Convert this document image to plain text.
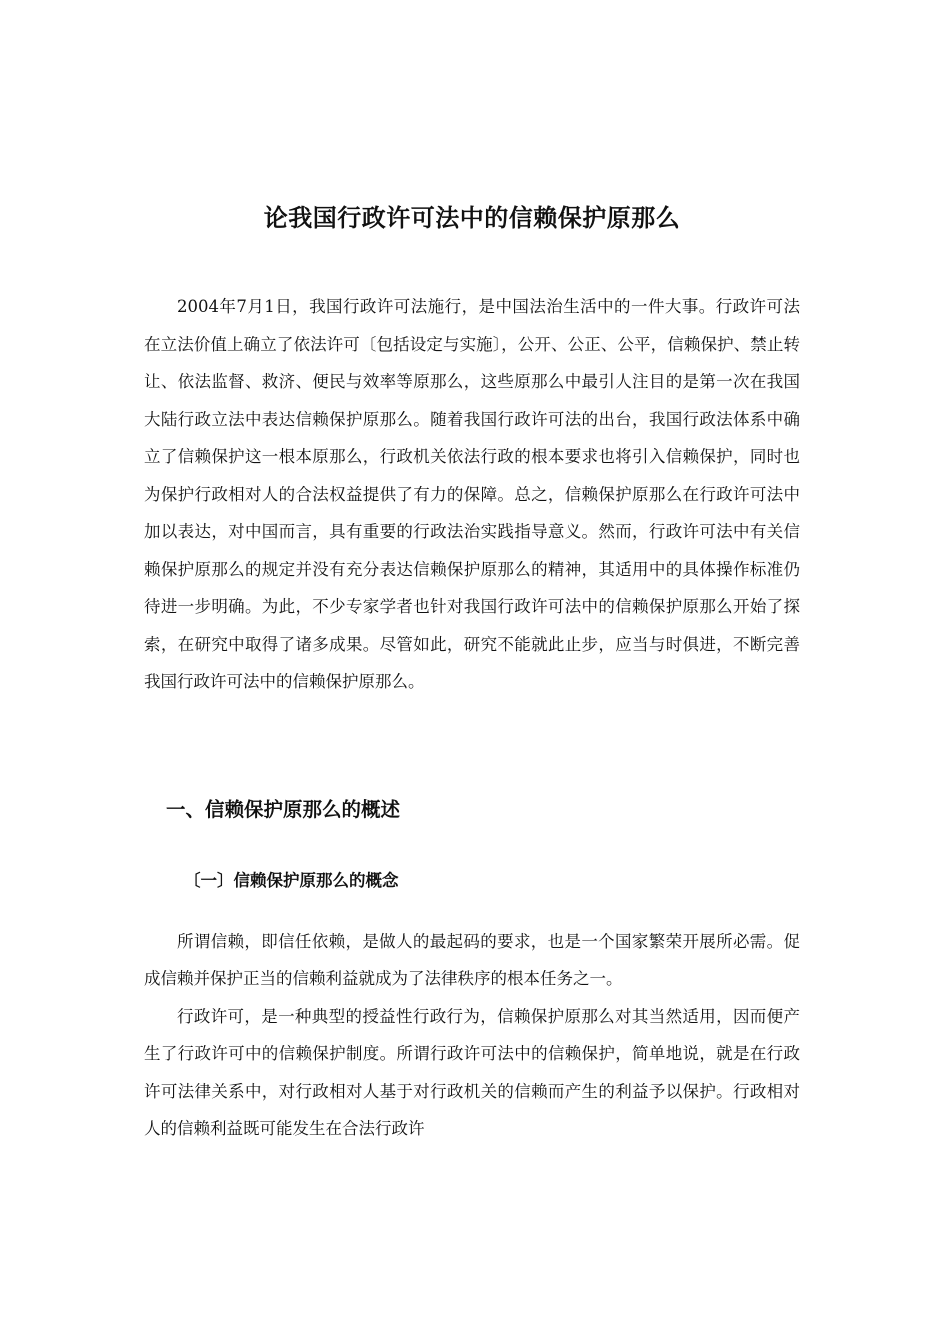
论我国行政许可法中的信赖保护原那么

2004年7月1日，我国行政许可法施行，是中国法治生活中的一件大事。行政许可法在立法价值上确立了依法许可〔包括设定与实施〕，公开、公正、公平，信赖保护、禁止转让、依法监督、救济、便民与效率等原那么，这些原那么中最引人注目的是第一次在我国大陆行政立法中表达信赖保护原那么。随着我国行政许可法的出台，我国行政法体系中确立了信赖保护这一根本原那么，行政机关依法行政的根本要求也将引入信赖保护，同时也为保护行政相对人的合法权益提供了有力的保障。总之，信赖保护原那么在行政许可法中加以表达，对中国而言，具有重要的行政法治实践指导意义。然而，行政许可法中有关信赖保护原那么的规定并没有充分表达信赖保护原那么的精神，其适用中的具体操作标准仍待进一步明确。为此，不少专家学者也针对我国行政许可法中的信赖保护原那么开始了探索，在研究中取得了诸多成果。尽管如此，研究不能就此止步，应当与时俱进，不断完善我国行政许可法中的信赖保护原那么。

一、信赖保护原那么的概述
〔一〕信赖保护原那么的概念

所谓信赖，即信任依赖，是做人的最起码的要求，也是一个国家繁荣开展所必需。促成信赖并保护正当的信赖利益就成为了法律秩序的根本任务之一。

行政许可，是一种典型的授益性行政行为，信赖保护原那么对其当然适用，因而便产生了行政许可中的信赖保护制度。所谓行政许可法中的信赖保护，简单地说，就是在行政许可法律关系中，对行政相对人基于对行政机关的信赖而产生的利益予以保护。行政相对人的信赖利益既可能发生在合法行政许
